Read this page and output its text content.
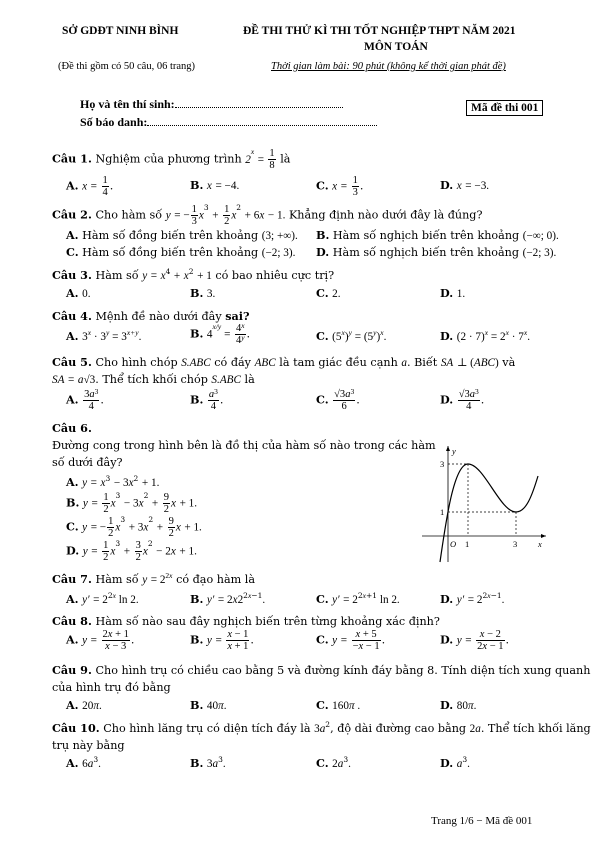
SỞ GDĐT NINH BÌNH	ĐỀ THI THỬ KÌ THI TỐT NGHIỆP THPT NĂM 2021
MÔN TOÁN
(Đề thi gồm có 50 câu, 06 trang)	Thời gian làm bài: 90 phút (không kể thời gian phát đề)
Họ và tên thí sinh:
Số báo danh:
Mã đề thi 001
Câu 1. Nghiệm của phương trình $2^x = \frac{1}{8}$ là
A. $x = \frac{1}{4}$ .	B. x = −4.	C. $x = \frac{1}{3}$ .	D. x = −3.
Câu 2. Cho hàm số y = − $\frac{1}{3} x^3 + \frac{1}{2} x^2 + 6x - 1$. Khẳng định nào dưới đây là đúng?
A. Hàm số đồng biến trên khoảng (3; +∞). B. Hàm số nghịch biến trên khoảng (−∞; 0).
C. Hàm số đồng biến trên khoảng (−2; 3). D. Hàm số nghịch biến trên khoảng (−2; 3).
Câu 3. Hàm số $y = x^4 + x^2 + 1$ có bao nhiêu cực trị?
A. 0.	B. 3.	C. 2.	D. 1.
Câu 4. Mệnh đề nào dưới đây sai?
A. $3^x \cdot 3^y = 3^{x+y}$.	B. $4^{x/y} = \frac{4^x}{4^y}$ .	C. $(5^x)^y = (5^y)^x$.	D. $(2 \cdot 7)^x = 2^x \cdot 7^x$.
Câu 5. Cho hình chóp S.ABC có đáy ABC là tam giác đều cạnh a. Biết SA ⊥ (ABC) và
SA = a√3. Thể tích khối chóp S.ABC là
A. $\frac{3a^3}{4}$ .	B. $\frac{a^3}{4}$ .	C. $\frac{√3a^3}{6}$ .	D. $\frac{√3a^3}{4}$ .
Câu 6.
Đường cong trong hình bên là đồ thị của hàm số nào trong các hàm
số dưới đây?
A. $y = x^3 - 3x^2 + 1$.
B. $y = \frac{1}{2} x^3 - 3x^2 + \frac{9}{2}$ x + 1.
C. y = − $\frac{1}{2} x^3 + 3x^2 + \frac{9}{2}$ x + 1.
D. $y = \frac{1}{2} x^3 + \frac{3}{2} x^2 - 2x + 1$.
y
x
O 1	3
3
1
Câu 7. Hàm số $y = 2^{2x}$ có đạo hàm là
A. $y' = 2^{2x}$ ln 2.	B. $y' = 2x2^{2x-1}$.	C. $y' = 2^{2x+1}$ ln 2.	D. $y' = 2^{2x-1}$.
Câu 8. Hàm số nào sau đây nghịch biến trên từng khoảng xác định?
A. $y = \frac{2x + 1}{x - 3}$ .	B. $y = \frac{x - 1}{x + 1}$ .	C. $y = \frac{x + 5}{-x - 1}$ .	D. $y = \frac{x - 2}{2x - 1}$ .
Câu 9. Cho hình trụ có chiều cao bằng 5 và đường kính đáy bằng 8. Tính diện tích xung quanh
của hình trụ đó bằng
A. 20π.	B. 40π.	C. 160π .	D. 80π.
Câu 10. Cho hình lăng trụ có diện tích đáy là $3a^2$, độ dài đường cao bằng 2a. Thể tích khối lăng
trụ này bằng
A. $6a^3$.	B. $3a^3$.	C. $2a^3$.	D. $a^3$.
Trang 1/6 − Mã đề 001
